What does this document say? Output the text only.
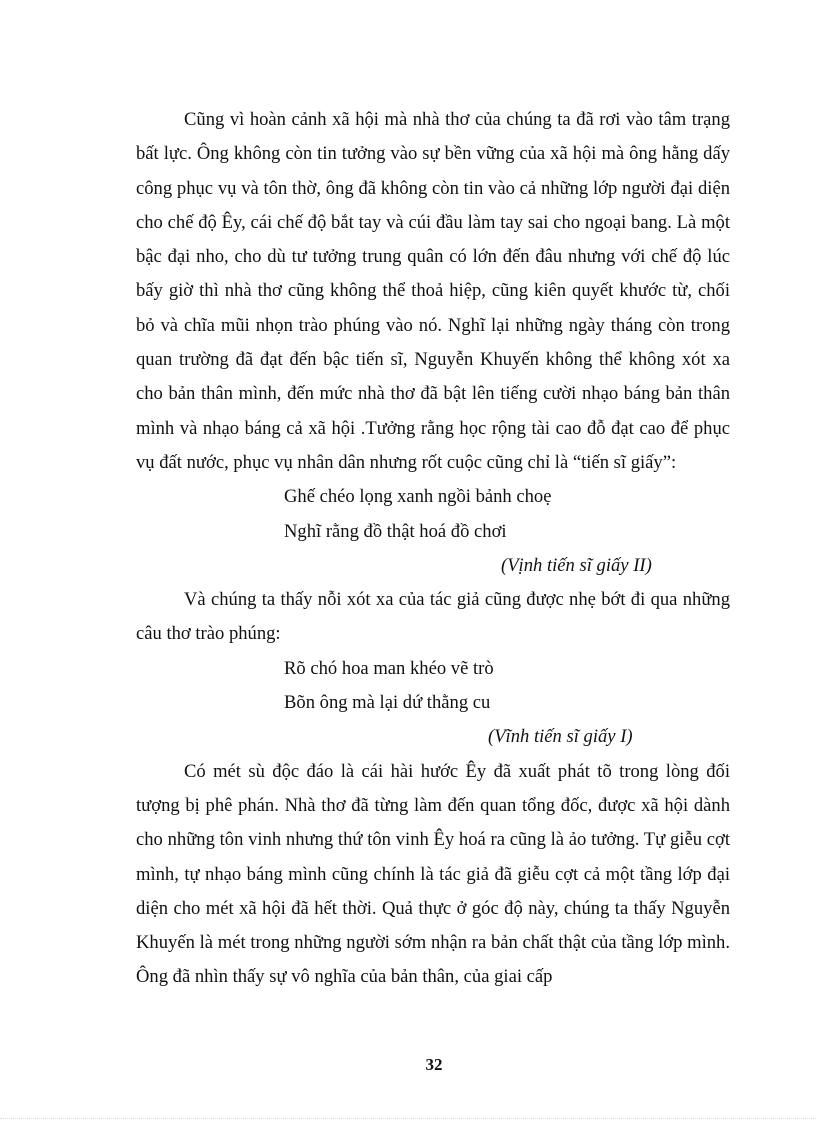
Cũng vì hoàn cảnh xã hội mà nhà thơ của chúng ta đã rơi vào tâm trạng bất lực. Ông không còn tin tưởng vào sự bền vững của xã hội mà ông hằng dấy công phục vụ và tôn thờ, ông đã không còn tin vào cả những lớp người đại diện cho chế độ Êy, cái chế độ bắt tay và cúi đầu làm tay sai cho ngoại bang. Là một bậc đại nho, cho dù tư tưởng trung quân có lớn đến đâu nhưng với chế độ lúc bấy giờ thì nhà thơ cũng không thể thoả hiệp, cũng kiên quyết khước từ, chối bỏ và chĩa mũi nhọn trào phúng vào nó. Nghĩ lại những ngày tháng còn trong quan trường đã đạt đến bậc tiến sĩ, Nguyễn Khuyến không thể không xót xa cho bản thân mình, đến mức nhà thơ đã bật lên tiếng cười nhạo báng bản thân mình và nhạo báng cả xã hội .Tưởng rằng học rộng tài cao đỗ đạt cao để phục vụ đất nước, phục vụ nhân dân nhưng rốt cuộc cũng chỉ là “tiến sĩ giấy”:

Ghế chéo lọng xanh ngồi bảnh choẹ
Nghĩ rằng đồ thật hoá đồ chơi

(Vịnh tiến sĩ giấy II)

Và chúng ta thấy nỗi xót xa của tác giả cũng được nhẹ bớt đi qua những câu thơ trào phúng:

Rõ chó hoa man khéo vẽ trò
Bõn ông mà lại dứ thằng cu

(Vĩnh tiến sĩ giấy I)

Có mét sù độc đáo là cái hài hước Êy đã xuất phát tõ trong lòng đối tượng bị phê phán. Nhà thơ đã từng làm đến quan tổng đốc, được xã hội dành cho những tôn vinh nhưng thứ tôn vinh Êy hoá ra cũng là ảo tưởng. Tự giễu cợt mình, tự nhạo báng mình cũng chính là tác giả đã giễu cợt cả một tầng lớp đại diện cho mét xã hội đã hết thời. Quả thực ở góc độ này, chúng ta thấy Nguyễn Khuyến là mét trong những người sớm nhận ra bản chất thật của tầng lớp mình. Ông đã nhìn thấy sự vô nghĩa của bản thân, của giai cấp

32
